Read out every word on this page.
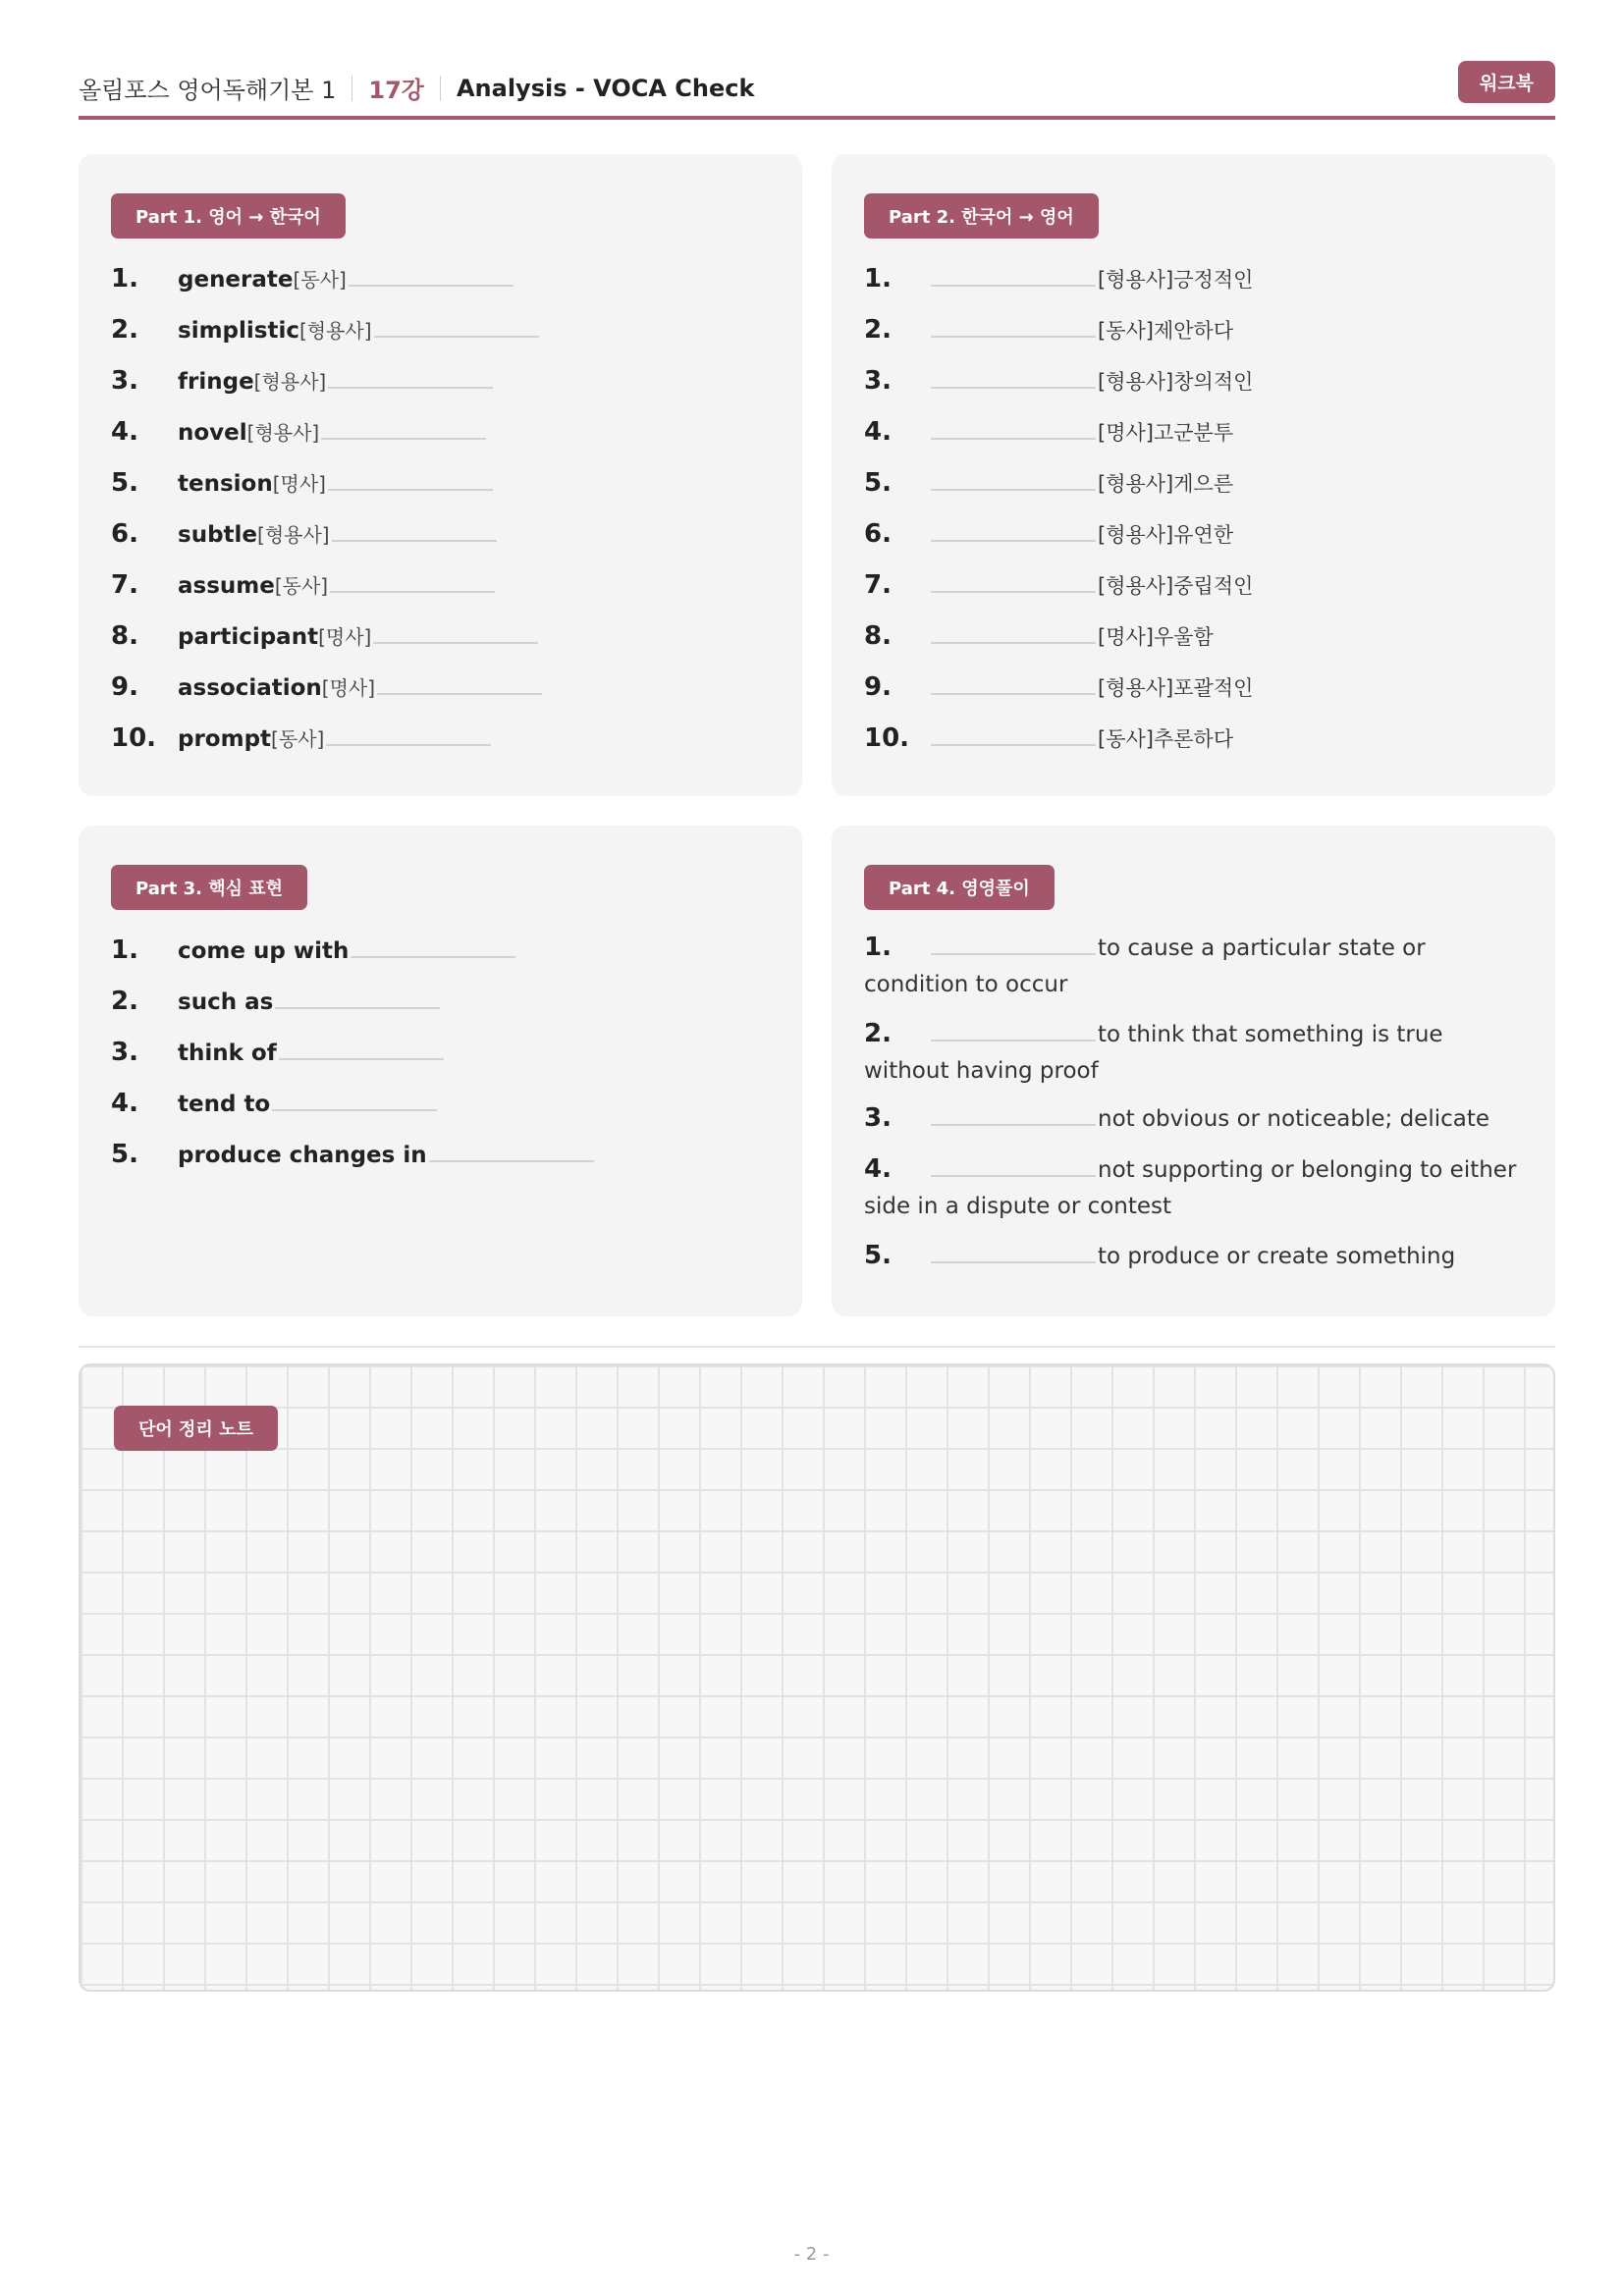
올림포스 영어독해기본 1 17강 Analysis - VOCA Check	워크북
Part 1. 영어 → 한국어
1. generate[동사]
2. simplistic[형용사]
3. fringe[형용사]
4. novel[형용사]
5. tension[명사]
6. subtle[형용사]
7. assume[동사]
8. participant[명사]
9. association[명사]
10. prompt[동사]
Part 2. 한국어 → 영어
1.	[형용사]긍정적인
2.	[동사]제안하다
3.	[형용사]창의적인
4.	[명사]고군분투
5.	[형용사]게으른
6.	[형용사]유연한
7.	[형용사]중립적인
8.	[명사]우울함
9.	[형용사]포괄적인
10.	[동사]추론하다
Part 3. 핵심 표현
1. come up with
2. such as
3. think of
4. tend to
5. produce changes in
Part 4. 영영풀이
1.	to cause a particular state or condition to occur
2.	to think that something is true without having proof
3.	not obvious or noticeable; delicate
4.	not supporting or belonging to either side in a dispute or contest
5.	to produce or create something
단어 정리 노트
- 2 -
